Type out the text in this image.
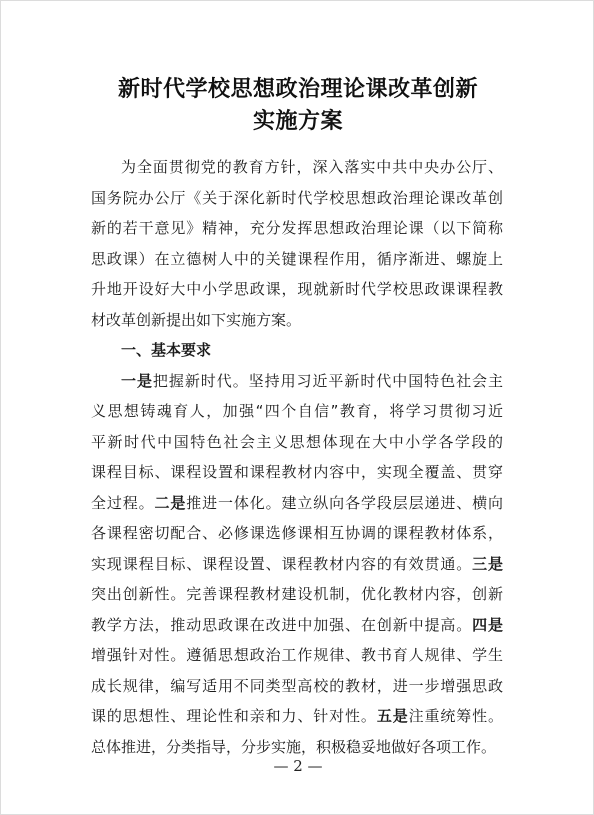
新时代学校思想政治理论课改革创新
实施方案
为全面贯彻党的教育方针，深入落实中共中央办公厅、
国务院办公厅《关于深化新时代学校思想政治理论课改革创
新的若干意见》精神，充分发挥思想政治理论课（以下简称
思政课）在立德树人中的关键课程作用，循序渐进、螺旋上
升地开设好大中小学思政课，现就新时代学校思政课课程教
材改革创新提出如下实施方案。
一、基本要求
一是把握新时代。坚持用习近平新时代中国特色社会主
义思想铸魂育人，加强“四个自信”教育，将学习贯彻习近
平新时代中国特色社会主义思想体现在大中小学各学段的
课程目标、课程设置和课程教材内容中，实现全覆盖、贯穿
全过程。二是推进一体化。建立纵向各学段层层递进、横向
各课程密切配合、必修课选修课相互协调的课程教材体系，
实现课程目标、课程设置、课程教材内容的有效贯通。三是
突出创新性。完善课程教材建设机制，优化教材内容，创新
教学方法，推动思政课在改进中加强、在创新中提高。四是
增强针对性。遵循思想政治工作规律、教书育人规律、学生
成长规律，编写适用不同类型高校的教材，进一步增强思政
课的思想性、理论性和亲和力、针对性。五是注重统筹性。
总体推进，分类指导，分步实施，积极稳妥地做好各项工作。
— 2 —
